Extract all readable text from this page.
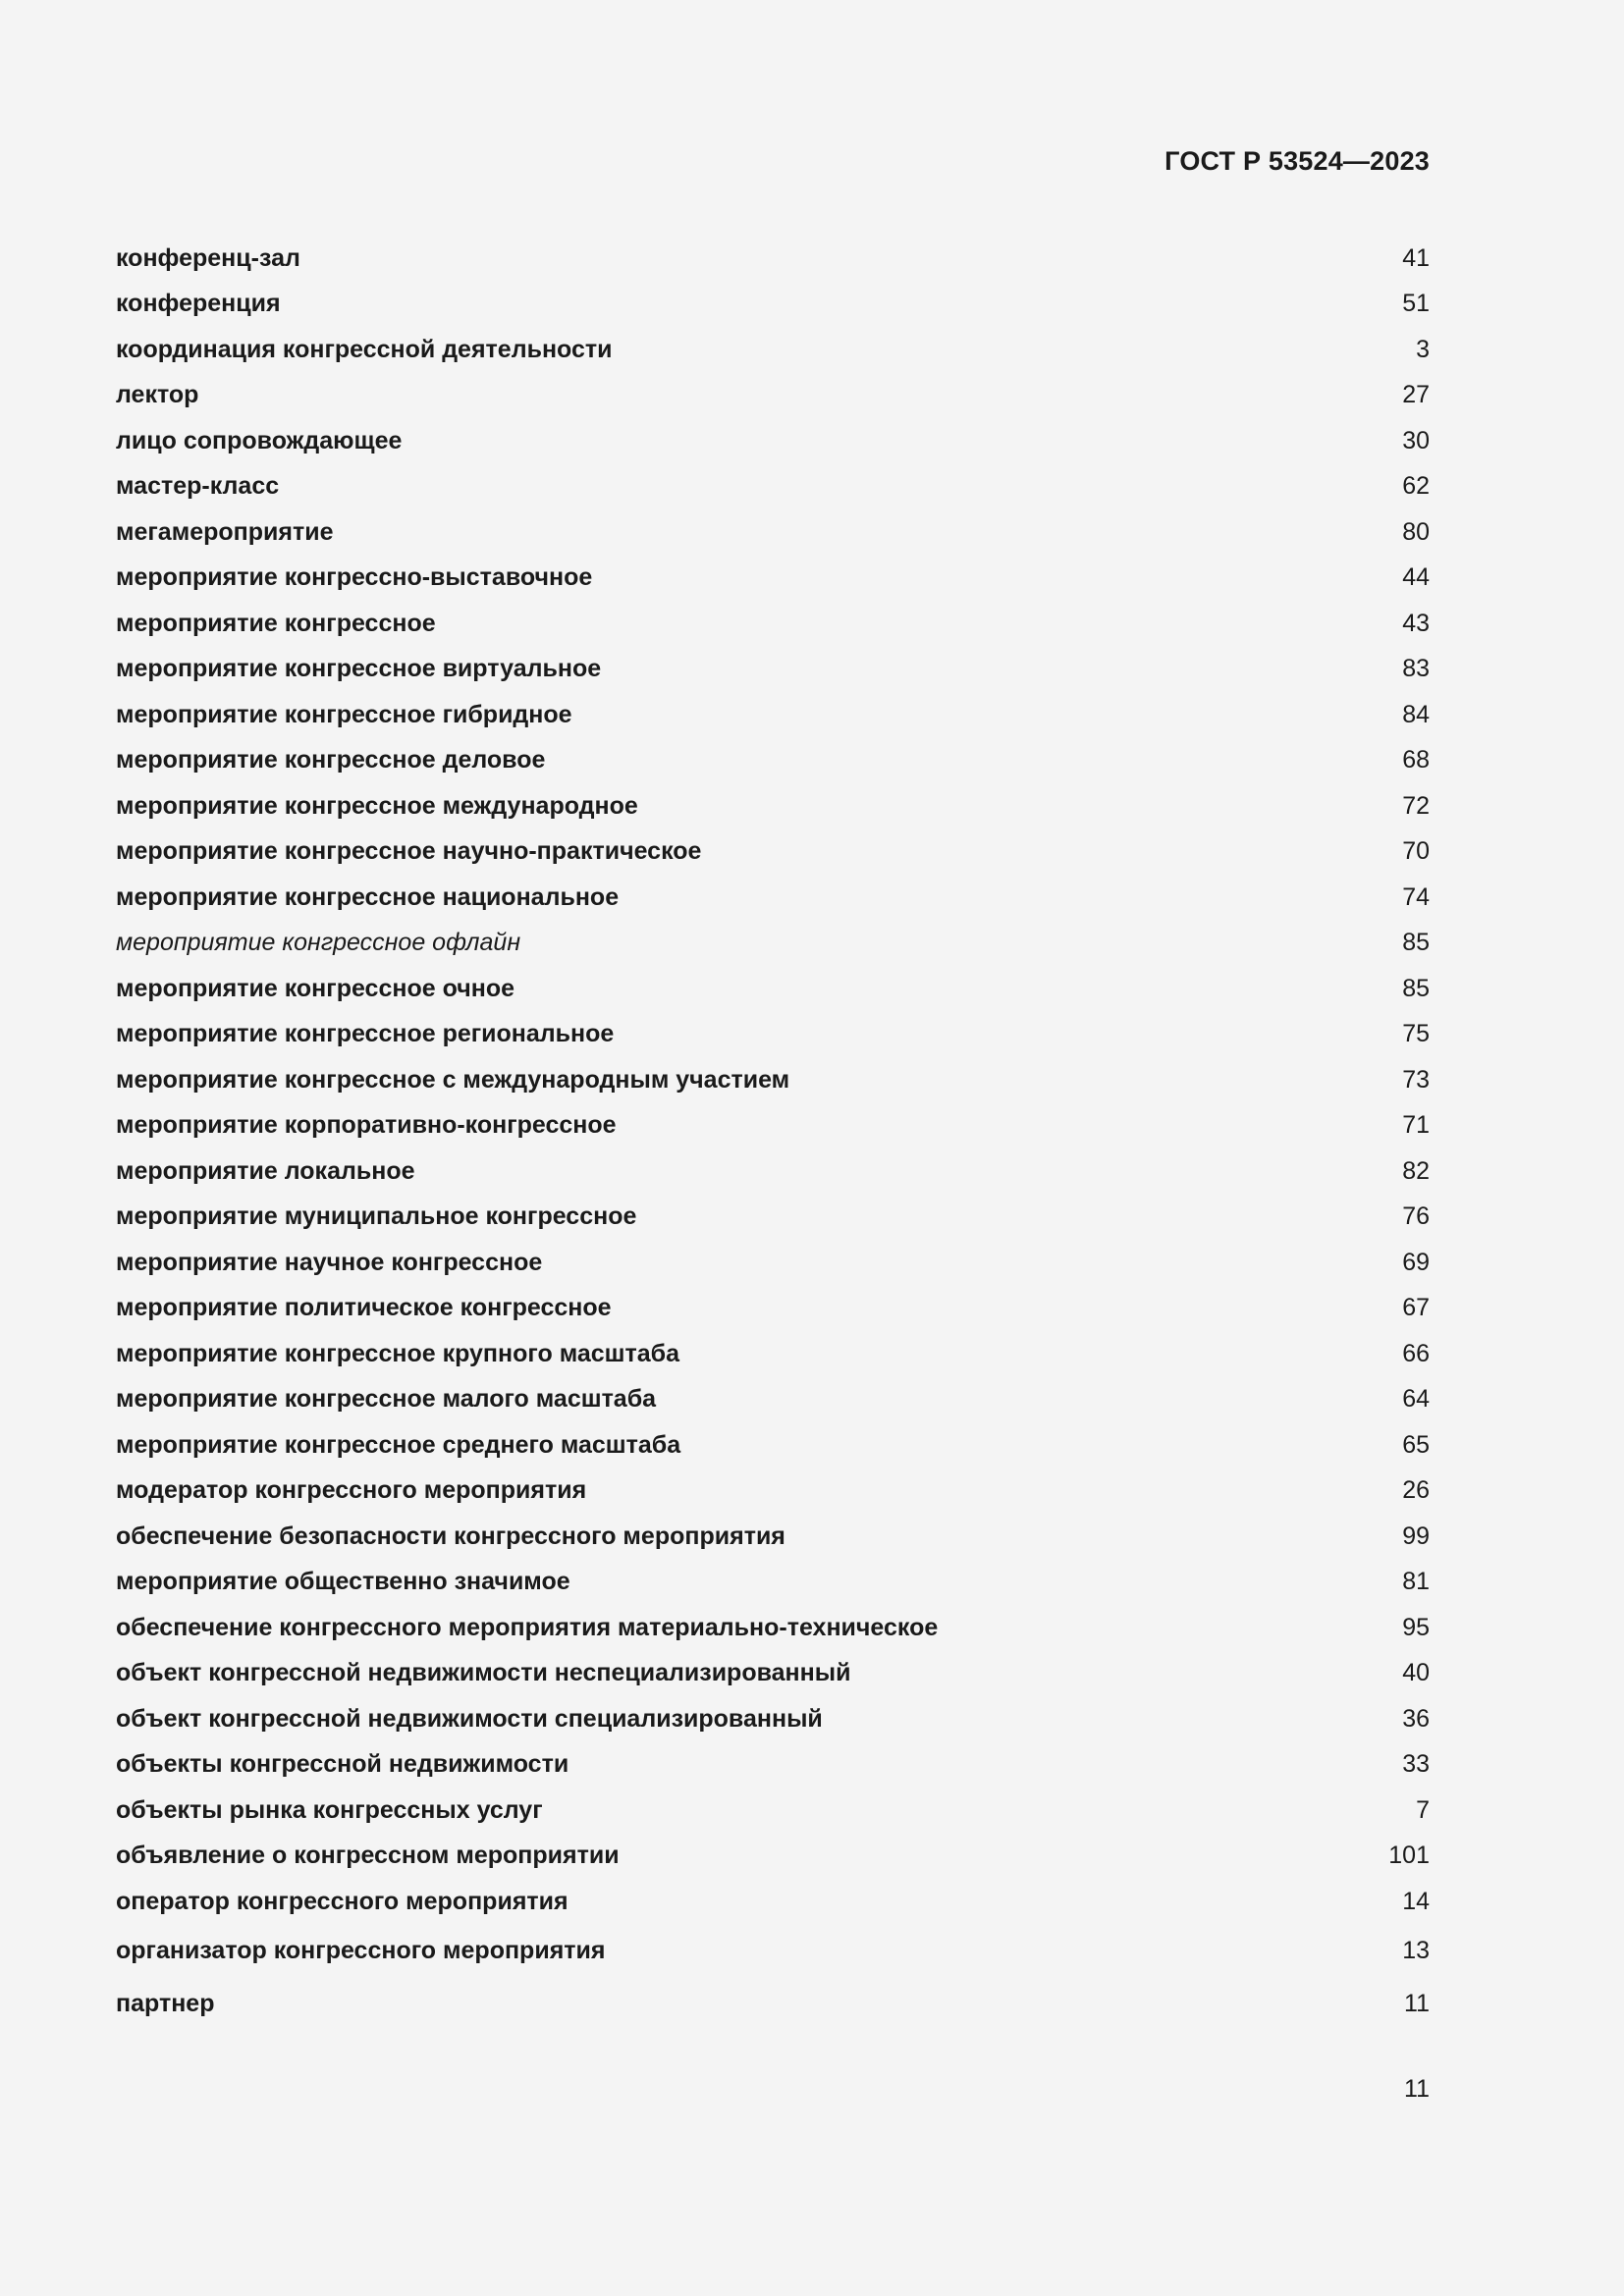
ГОСТ Р 53524—2023
конференц-зал	41
конференция	51
координация конгрессной деятельности	3
лектор	27
лицо сопровождающее	30
мастер-класс	62
мегамероприятие	80
мероприятие конгрессно-выставочное	44
мероприятие конгрессное	43
мероприятие конгрессное виртуальное	83
мероприятие конгрессное гибридное	84
мероприятие конгрессное деловое	68
мероприятие конгрессное международное	72
мероприятие конгрессное научно-практическое	70
мероприятие конгрессное национальное	74
мероприятие конгрессное офлайн	85
мероприятие конгрессное очное	85
мероприятие конгрессное региональное	75
мероприятие конгрессное с международным участием	73
мероприятие корпоративно-конгрессное	71
мероприятие локальное	82
мероприятие муниципальное конгрессное	76
мероприятие научное конгрессное	69
мероприятие политическое конгрессное	67
мероприятие конгрессное крупного масштаба	66
мероприятие конгрессное малого масштаба	64
мероприятие конгрессное среднего масштаба	65
модератор конгрессного мероприятия	26
обеспечение безопасности конгрессного мероприятия	99
мероприятие общественно значимое	81
обеспечение конгрессного мероприятия материально-техническое	95
объект конгрессной недвижимости неспециализированный	40
объект конгрессной недвижимости специализированный	36
объекты конгрессной недвижимости	33
объекты рынка конгрессных услуг	7
объявление о конгрессном мероприятии	101
оператор конгрессного мероприятия	14
организатор конгрессного мероприятия	13
партнер	11
11
